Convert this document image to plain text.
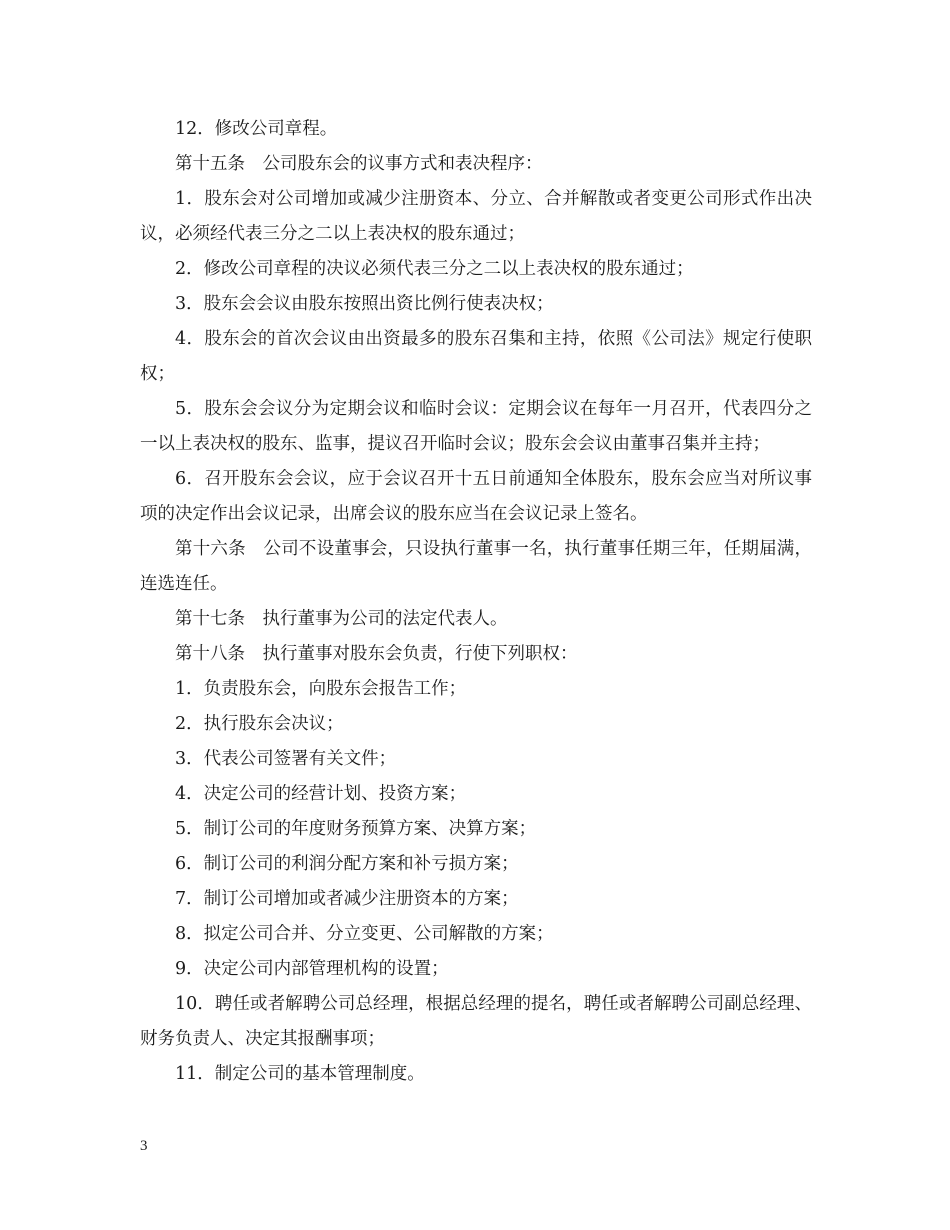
12．修改公司章程。

第十五条　公司股东会的议事方式和表决程序：

1．股东会对公司增加或减少注册资本、分立、合并解散或者变更公司形式作出决议，必须经代表三分之二以上表决权的股东通过；

2．修改公司章程的决议必须代表三分之二以上表决权的股东通过；

3．股东会会议由股东按照出资比例行使表决权；

4．股东会的首次会议由出资最多的股东召集和主持，依照《公司法》规定行使职权；

5．股东会会议分为定期会议和临时会议：定期会议在每年一月召开，代表四分之一以上表决权的股东、监事，提议召开临时会议；股东会会议由董事召集并主持；

6．召开股东会会议，应于会议召开十五日前通知全体股东，股东会应当对所议事项的决定作出会议记录，出席会议的股东应当在会议记录上签名。

第十六条　公司不设董事会，只设执行董事一名，执行董事任期三年，任期届满，连选连任。

第十七条　执行董事为公司的法定代表人。

第十八条　执行董事对股东会负责，行使下列职权：

1．负责股东会，向股东会报告工作；

2．执行股东会决议；

3．代表公司签署有关文件；

4．决定公司的经营计划、投资方案；

5．制订公司的年度财务预算方案、决算方案；

6．制订公司的利润分配方案和补亏损方案；

7．制订公司增加或者减少注册资本的方案；

8．拟定公司合并、分立变更、公司解散的方案；

9．决定公司内部管理机构的设置；

10．聘任或者解聘公司总经理，根据总经理的提名，聘任或者解聘公司副总经理、财务负责人、决定其报酬事项；

11．制定公司的基本管理制度。

3
